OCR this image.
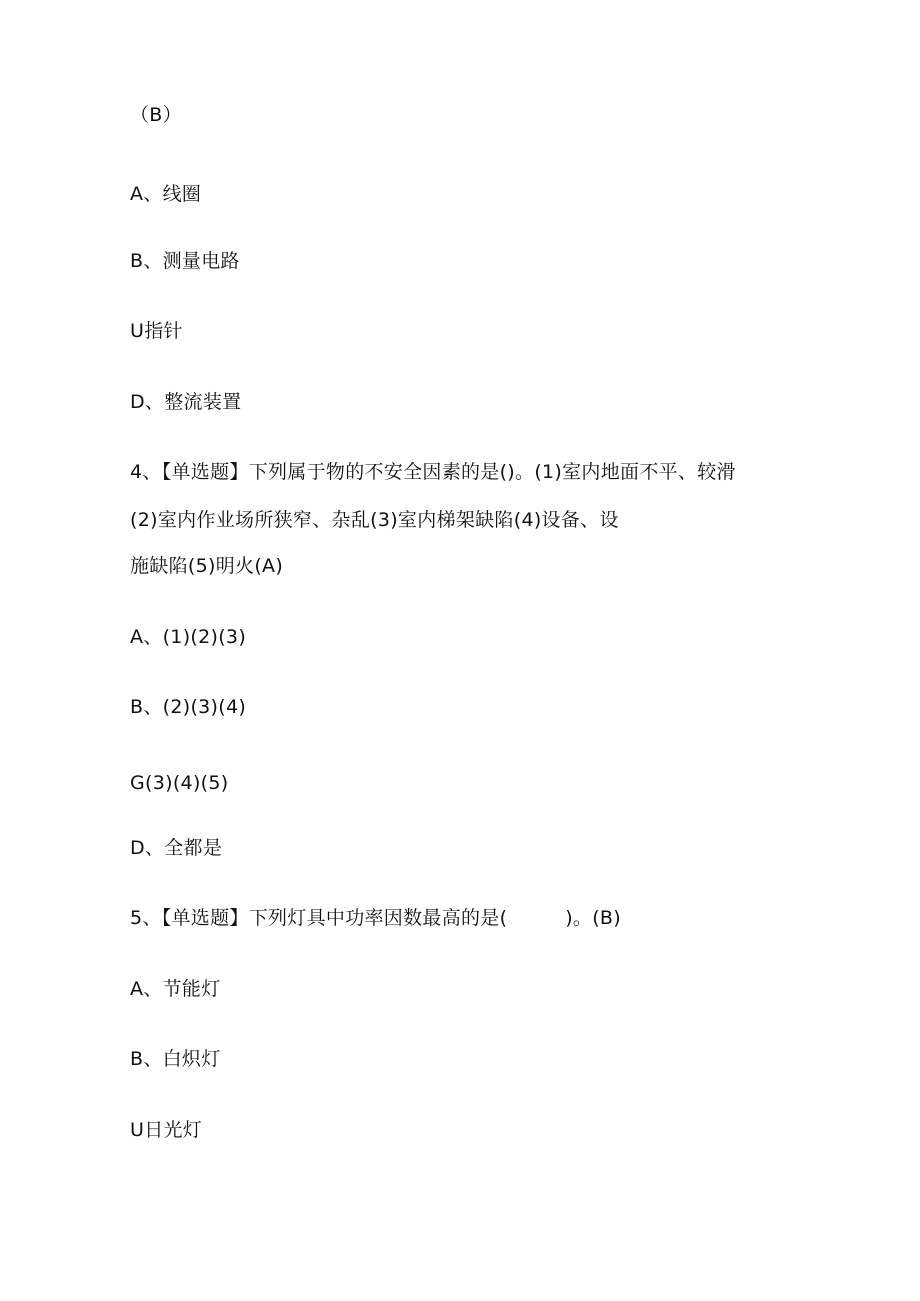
（B）
A、线圈
B、测量电路
U指针
D、整流装置
4、【单选题】下列属于物的不安全因素的是()。(1)室内地面不平、较滑
(2)室内作业场所狭窄、杂乱(3)室内梯架缺陷(4)设备、设
施缺陷(5)明火(A)
A、(1)(2)(3)
B、(2)(3)(4)
G(3)(4)(5)
D、全都是
5、【单选题】下列灯具中功率因数最高的是(　　　)。(B)
A、节能灯
B、白炽灯
U日光灯
